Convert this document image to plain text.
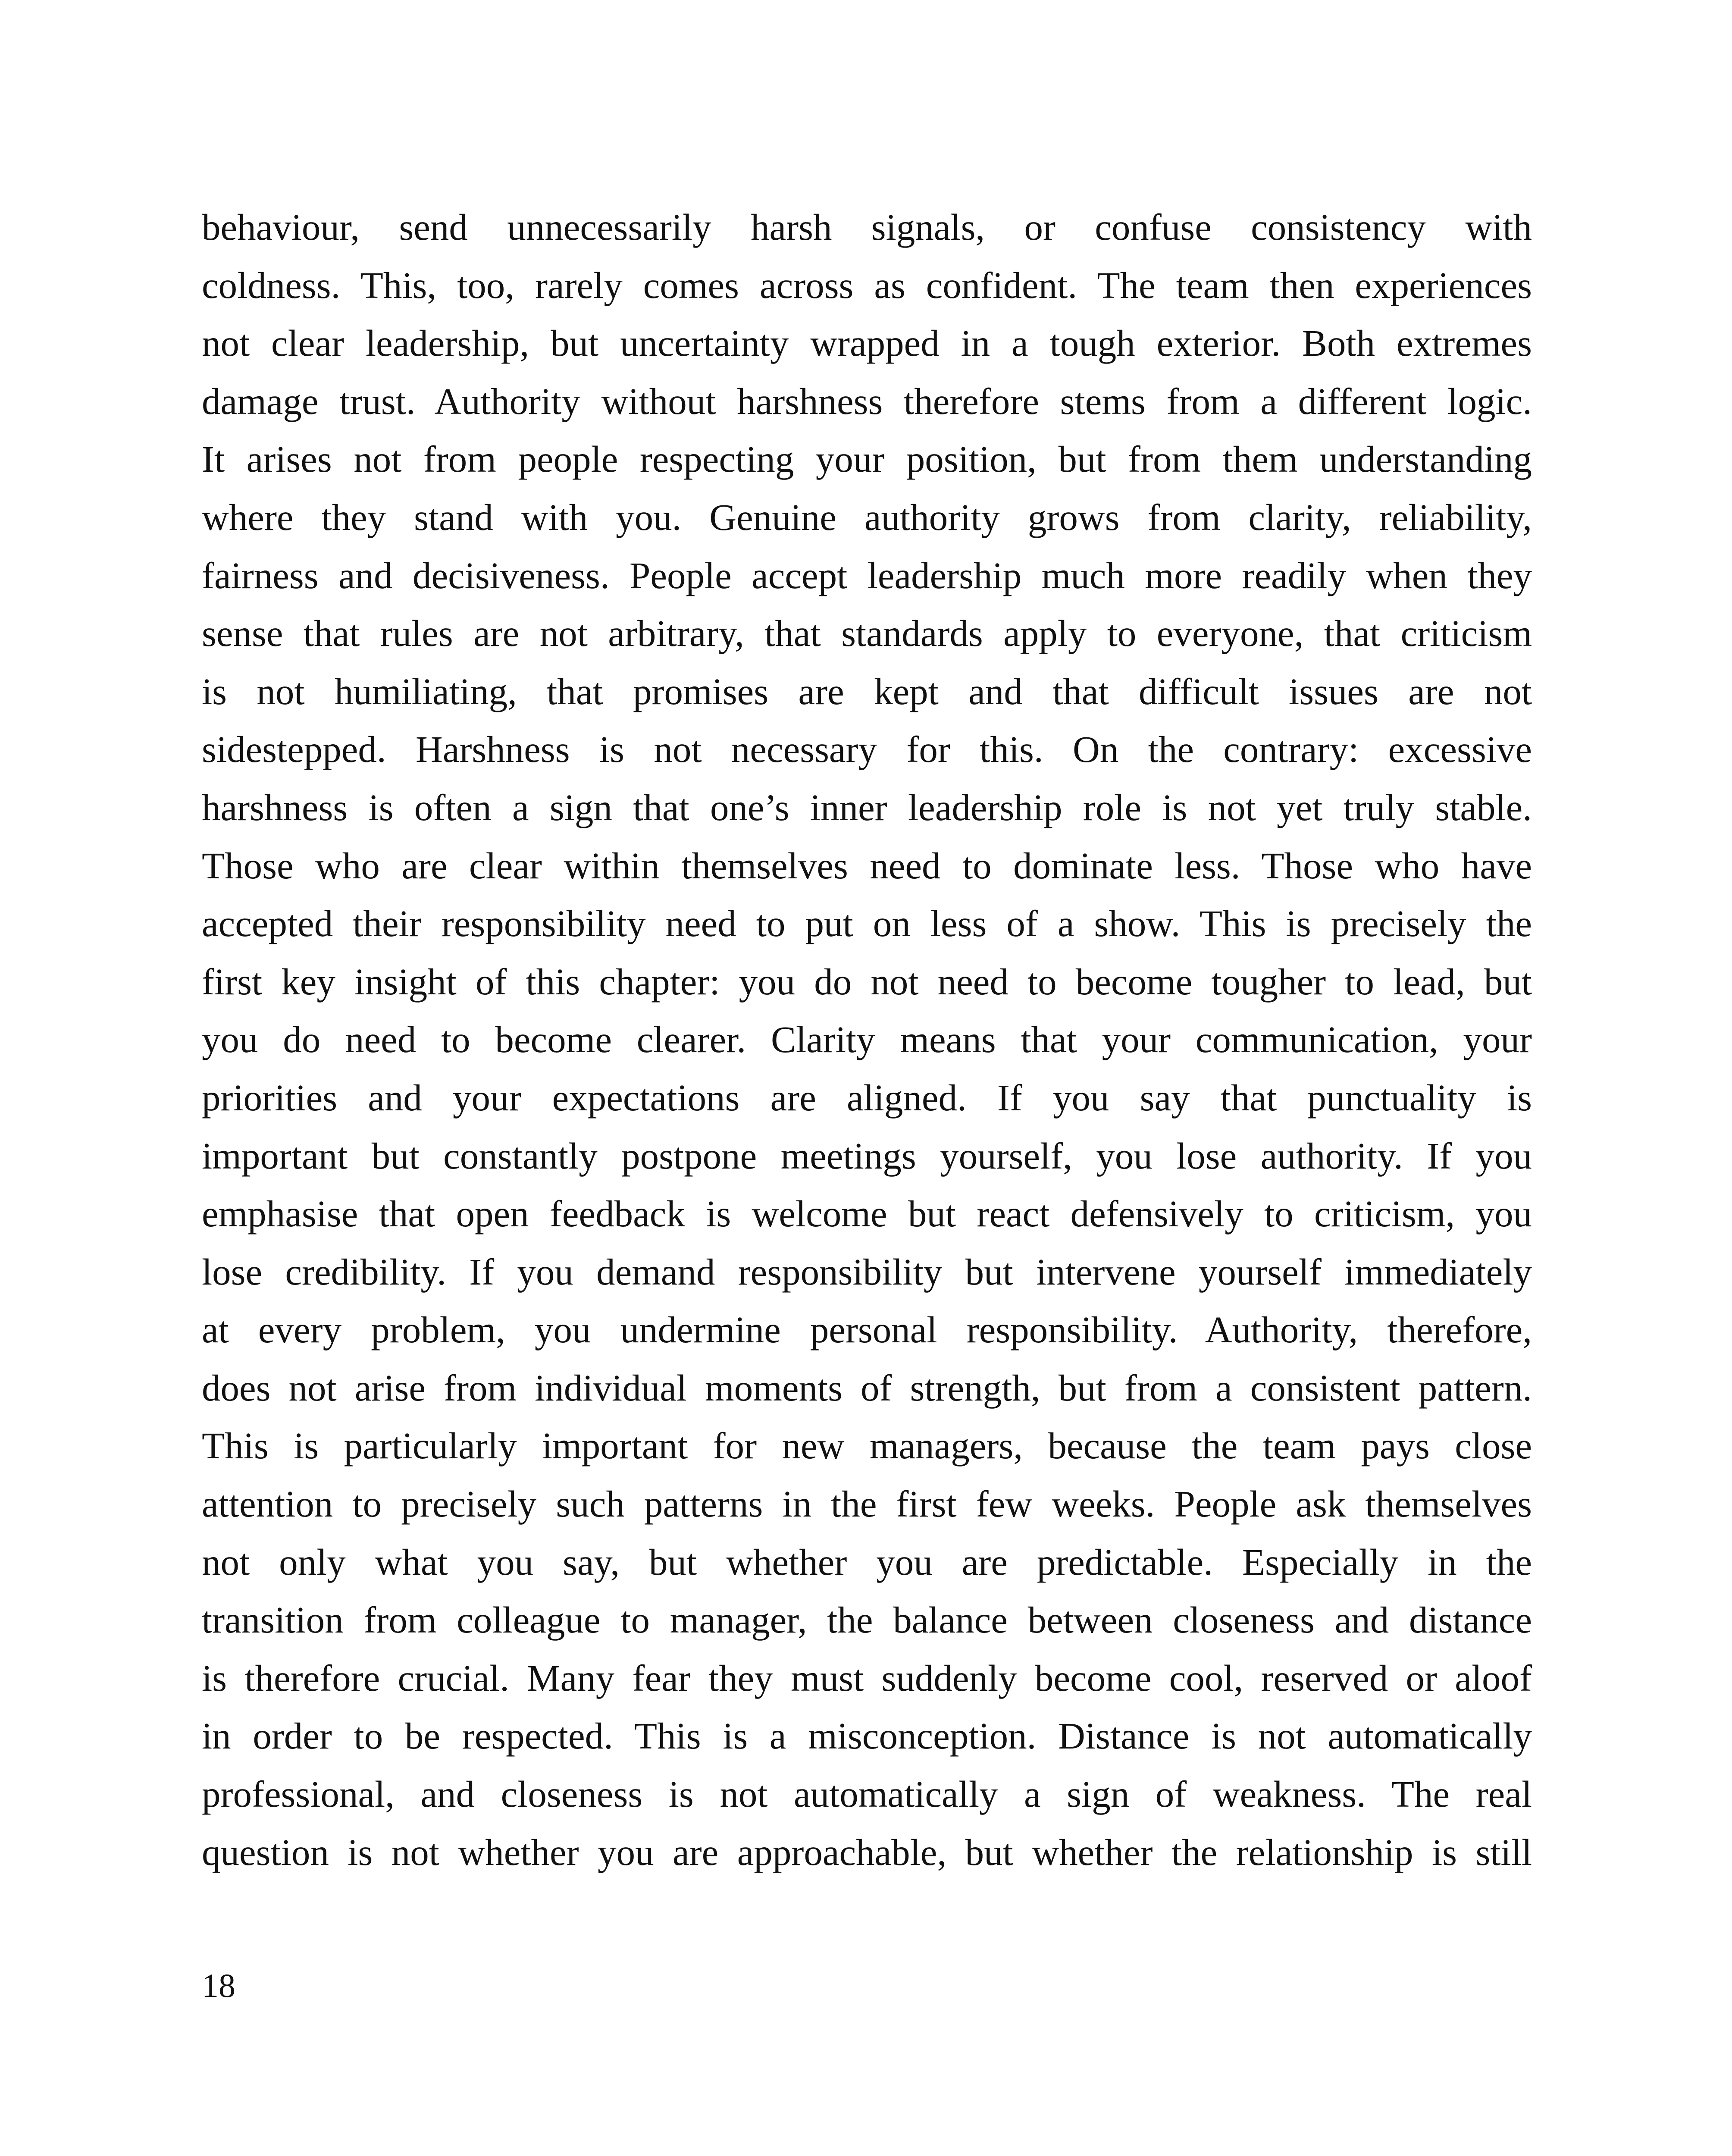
behaviour, send unnecessarily harsh signals, or confuse consistency with
coldness. This, too, rarely comes across as confident. The team then experiences
not clear leadership, but uncertainty wrapped in a tough exterior. Both extremes
damage trust. Authority without harshness therefore stems from a different logic.
It arises not from people respecting your position, but from them understanding
where they stand with you. Genuine authority grows from clarity, reliability,
fairness and decisiveness. People accept leadership much more readily when they
sense that rules are not arbitrary, that standards apply to everyone, that criticism
is not humiliating, that promises are kept and that difficult issues are not
sidestepped. Harshness is not necessary for this. On the contrary: excessive
harshness is often a sign that one’s inner leadership role is not yet truly stable.
Those who are clear within themselves need to dominate less. Those who have
accepted their responsibility need to put on less of a show. This is precisely the
first key insight of this chapter: you do not need to become tougher to lead, but
you do need to become clearer. Clarity means that your communication, your
priorities and your expectations are aligned. If you say that punctuality is
important but constantly postpone meetings yourself, you lose authority. If you
emphasise that open feedback is welcome but react defensively to criticism, you
lose credibility. If you demand responsibility but intervene yourself immediately
at every problem, you undermine personal responsibility. Authority, therefore,
does not arise from individual moments of strength, but from a consistent pattern.
This is particularly important for new managers, because the team pays close
attention to precisely such patterns in the first few weeks. People ask themselves
not only what you say, but whether you are predictable. Especially in the
transition from colleague to manager, the balance between closeness and distance
is therefore crucial. Many fear they must suddenly become cool, reserved or aloof
in order to be respected. This is a misconception. Distance is not automatically
professional, and closeness is not automatically a sign of weakness. The real
question is not whether you are approachable, but whether the relationship is still
18
